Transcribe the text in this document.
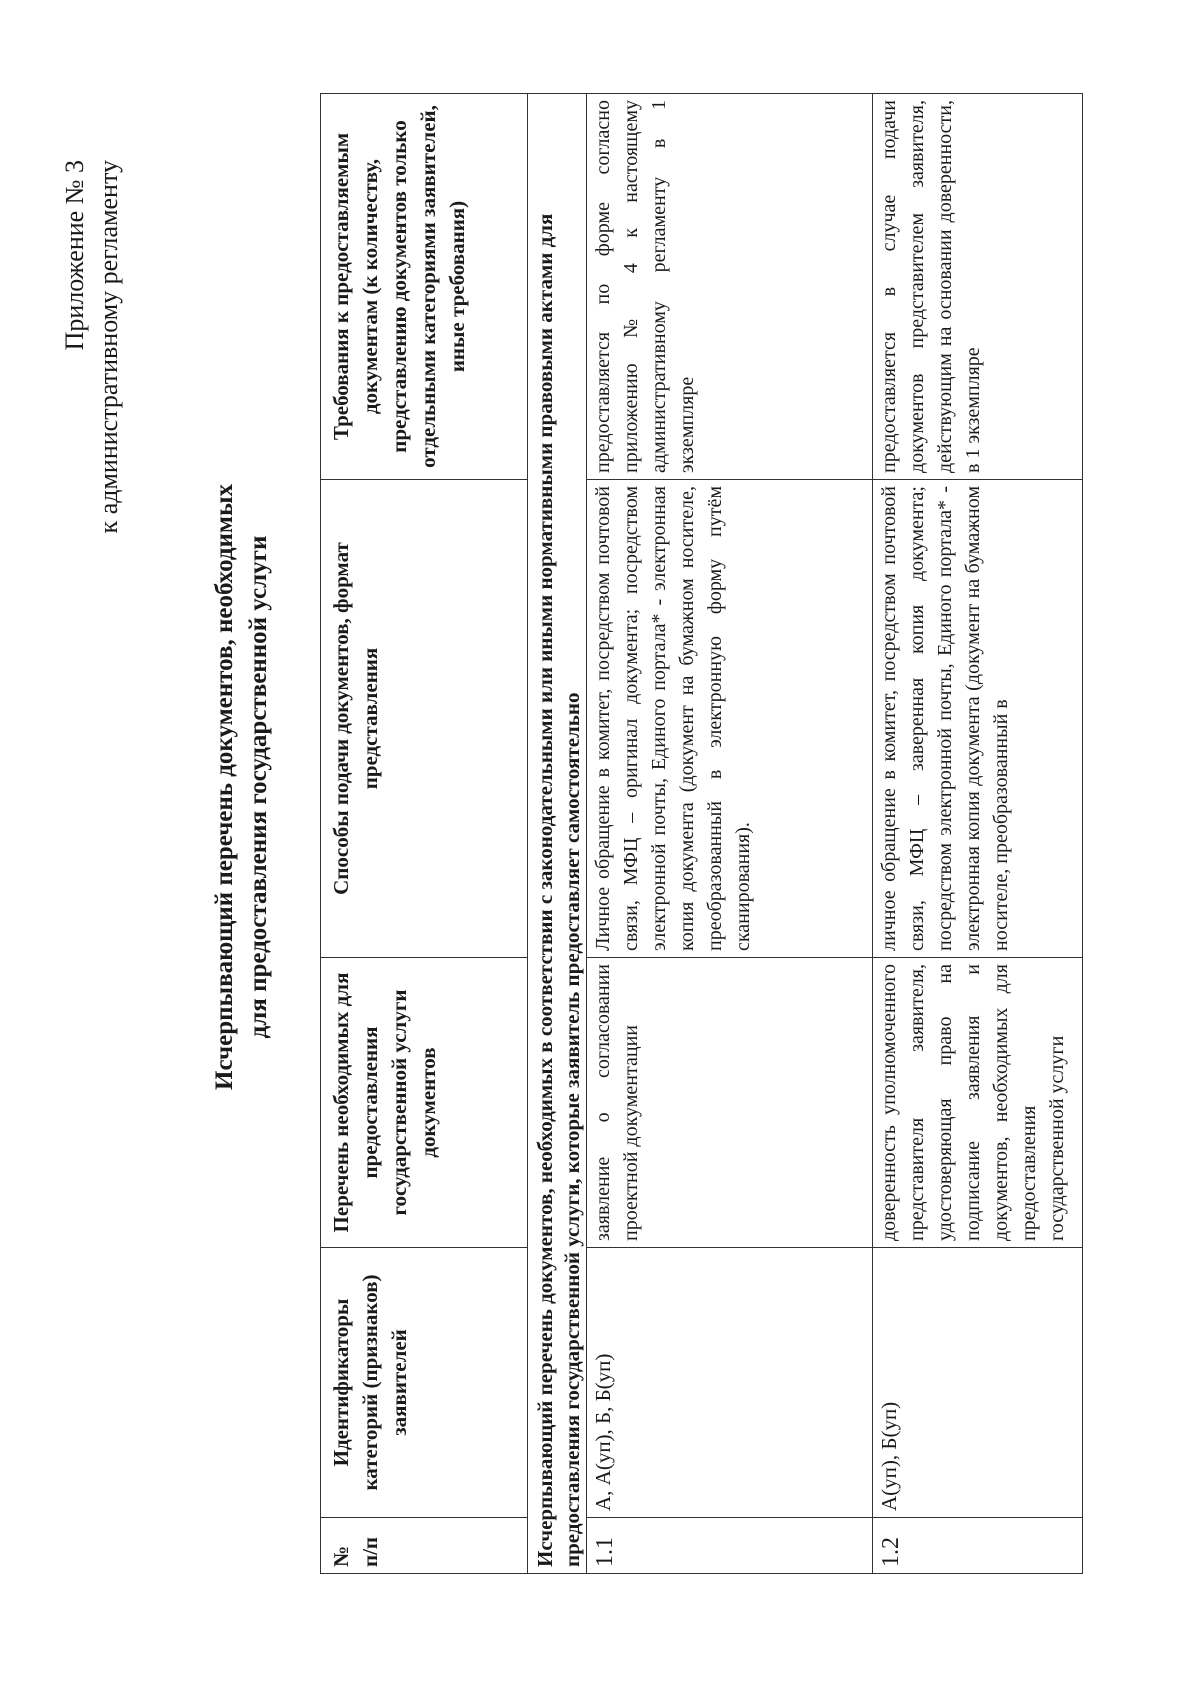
Приложение № 3 к административному регламенту
Исчерпывающий перечень документов, необходимых для предоставления государственной услуги
№ п/п	Идентификаторы категорий (признаков) заявителей	Перечень необходимых для предоставления государственной услуги документов	Способы подачи документов, формат представления	Требования к предоставляемым документам (к количеству, представлению документов только отдельными категориями заявителей, иные требования)
Исчерпывающий перечень документов, необходимых в соответствии с законодательными или иными нормативными правовыми актами для предоставления государственной услуги, которые заявитель предоставляет самостоятельно				
1.1	А, А(уп), Б, Б(уп)	заявление о согласовании проектной документации	Личное обращение в комитет, посредством почтовой связи, МФЦ – оригинал документа; посредством электронной почты, Единого портала* - электронная копия документа (документ на бумажном носителе, преобразованный в электронную форму путём сканирования).	предоставляется по форме согласно приложению № 4 к настоящему административному регламенту в 1 экземпляре
1.2	А(уп), Б(уп)	доверенность уполномоченного представителя заявителя, удостоверяющая право на подписание заявления и документов, необходимых для предоставления государственной услуги	личное обращение в комитет, посредством почтовой связи, МФЦ – заверенная копия документа; посредством электронной почты, Единого портала* - электронная копия документа (документ на бумажном носителе, преобразованный в	предоставляется в случае подачи документов представителем заявителя, действующим на основании доверенности, в 1 экземпляре
